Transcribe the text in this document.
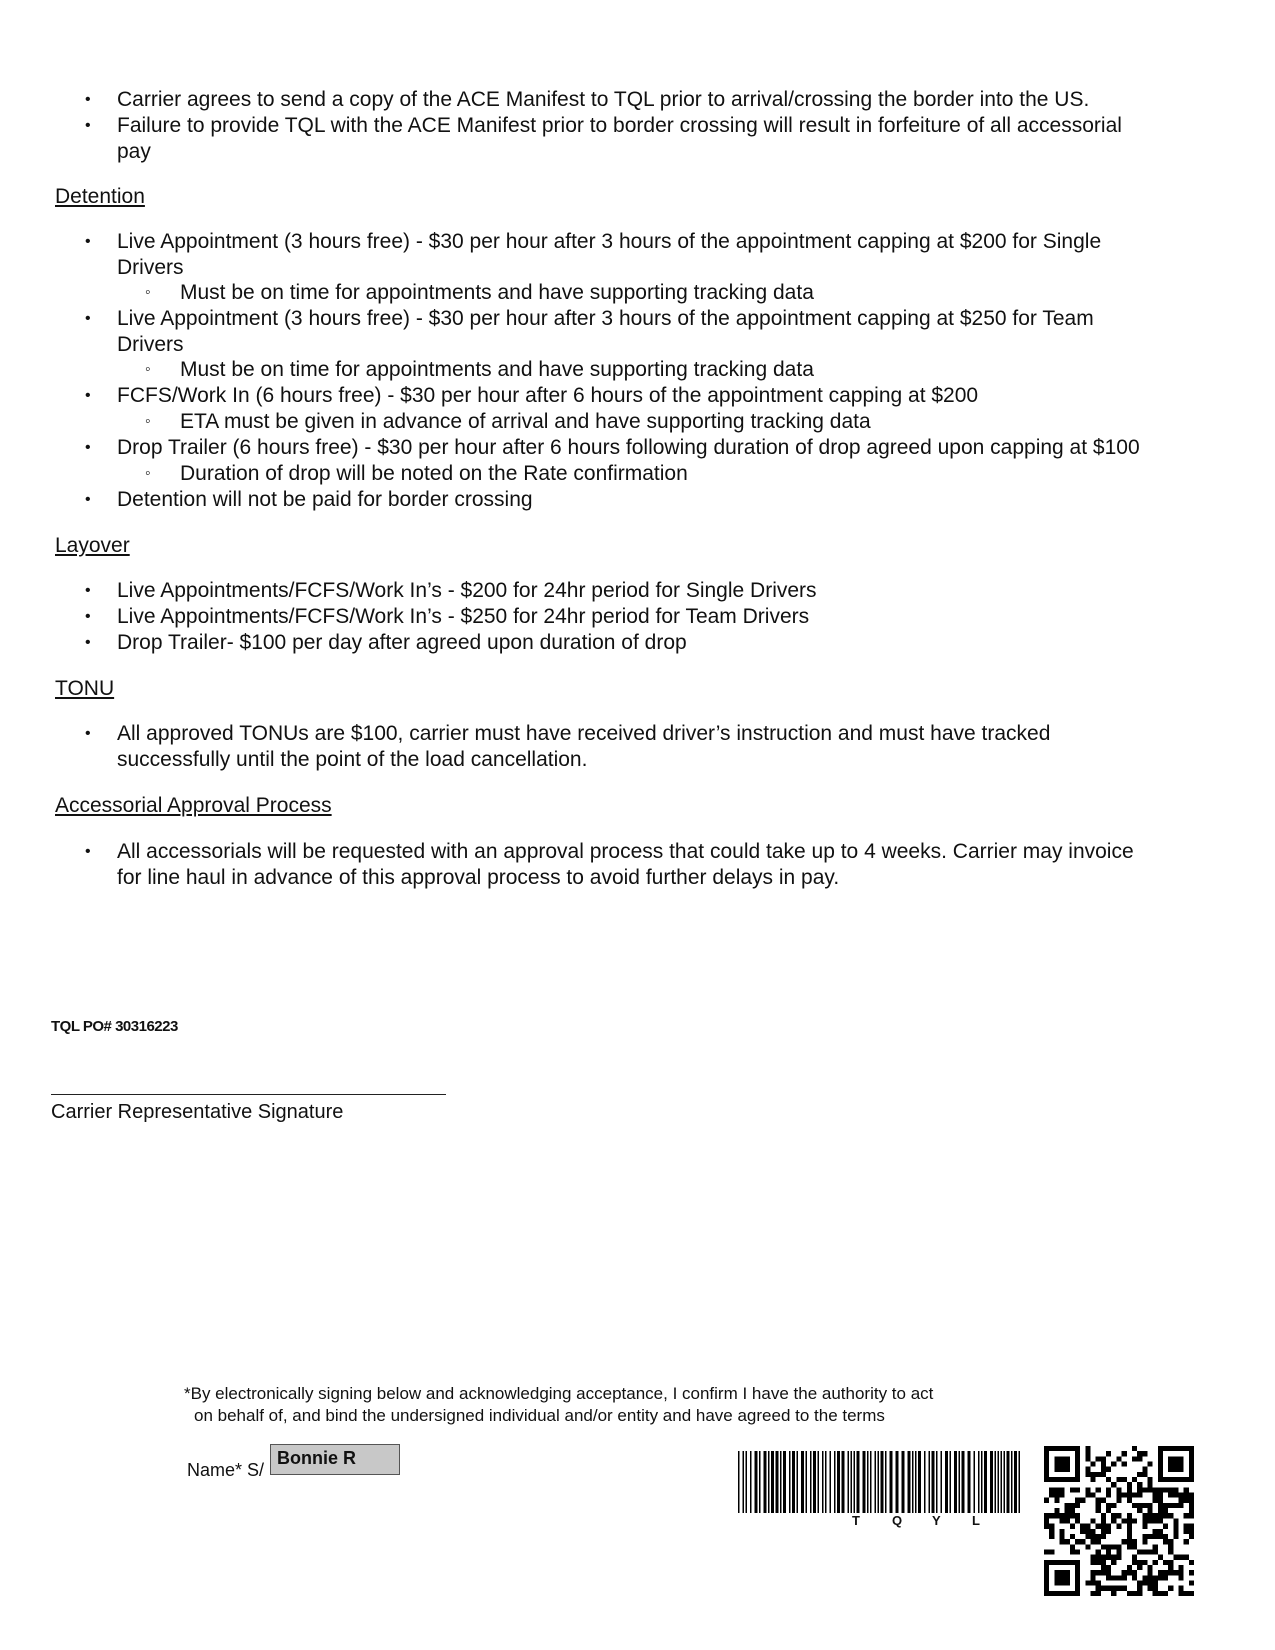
• Carrier agrees to send a copy of the ACE Manifest to TQL prior to arrival/crossing the border into the US.
• Failure to provide TQL with the ACE Manifest prior to border crossing will result in forfeiture of all accessorial
pay
Detention
• Live Appointment (3 hours free) - $30 per hour after 3 hours of the appointment capping at $200 for Single
Drivers
◦ Must be on time for appointments and have supporting tracking data
• Live Appointment (3 hours free) - $30 per hour after 3 hours of the appointment capping at $250 for Team
Drivers
◦ Must be on time for appointments and have supporting tracking data
• FCFS/Work In (6 hours free) - $30 per hour after 6 hours of the appointment capping at $200
◦ ETA must be given in advance of arrival and have supporting tracking data
• Drop Trailer (6 hours free) - $30 per hour after 6 hours following duration of drop agreed upon capping at $100
◦ Duration of drop will be noted on the Rate confirmation
• Detention will not be paid for border crossing
Layover
• Live Appointments/FCFS/Work In’s - $200 for 24hr period for Single Drivers
• Live Appointments/FCFS/Work In’s - $250 for 24hr period for Team Drivers
• Drop Trailer- $100 per day after agreed upon duration of drop
TONU
• All approved TONUs are $100, carrier must have received driver’s instruction and must have tracked
successfully until the point of the load cancellation.
Accessorial Approval Process
• All accessorials will be requested with an approval process that could take up to 4 weeks. Carrier may invoice
for line haul in advance of this approval process to avoid further delays in pay.
TQL PO# 30316223
Carrier Representative Signature
*By electronically signing below and acknowledging acceptance, I confirm I have the authority to act
on behalf of, and bind the undersigned individual and/or entity and have agreed to the terms
Name* S/
Bonnie R
T Q Y L
